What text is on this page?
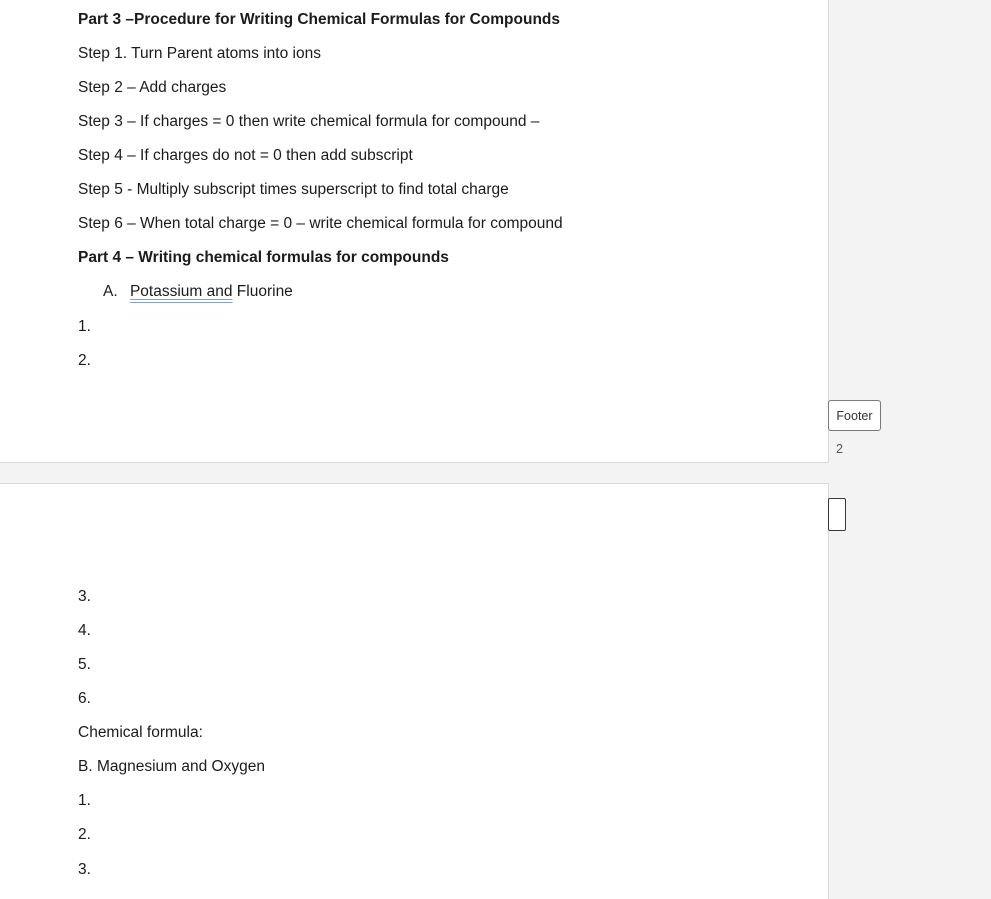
Part 3 –Procedure for Writing Chemical Formulas for Compounds
Step 1. Turn Parent atoms into ions
Step 2 – Add charges
Step 3 – If charges = 0 then write chemical formula for compound –
Step 4 – If charges do not = 0 then add subscript
Step 5 - Multiply subscript times superscript to find total charge
Step 6 – When total charge = 0 – write chemical formula for compound
Part 4 – Writing chemical formulas for compounds
A. Potassium and Fluorine
1.
2.
Footer
2
3.
4.
5.
6.
Chemical formula:
B. Magnesium and Oxygen
1.
2.
3.
